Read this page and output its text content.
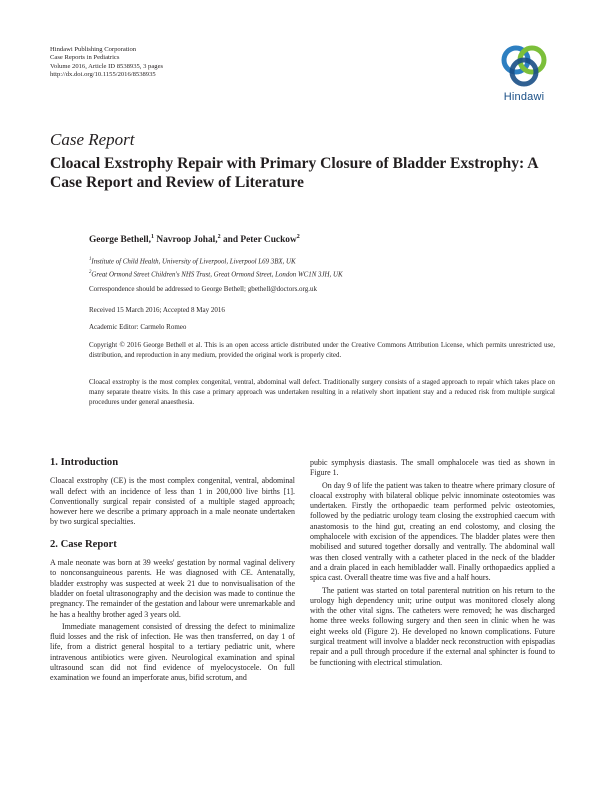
Hindawi Publishing Corporation
Case Reports in Pediatrics
Volume 2016, Article ID 8538935, 3 pages
http://dx.doi.org/10.1155/2016/8538935
Hindawi
Case Report
Cloacal Exstrophy Repair with Primary Closure of Bladder Exstrophy: A Case Report and Review of Literature
George Bethell,$^1$ Navroop Johal,$^2$ and Peter Cuckow$^2$
$^1$Institute of Child Health, University of Liverpool, Liverpool L69 3BX, UK
$^2$Great Ormond Street Children's NHS Trust, Great Ormond Street, London WC1N 3JH, UK
Correspondence should be addressed to George Bethell; gbethell@doctors.org.uk
Received 15 March 2016; Accepted 8 May 2016
Academic Editor: Carmelo Romeo
Copyright © 2016 George Bethell et al. This is an open access article distributed under the Creative Commons Attribution License, which permits unrestricted use, distribution, and reproduction in any medium, provided the original work is properly cited.
Cloacal exstrophy is the most complex congenital, ventral, abdominal wall defect. Traditionally surgery consists of a staged approach to repair which takes place on many separate theatre visits. In this case a primary approach was undertaken resulting in a relatively short inpatient stay and a reduced risk from multiple surgical procedures under general anaesthesia.
1. Introduction

Cloacal exstrophy (CE) is the most complex congenital, ventral, abdominal wall defect with an incidence of less than 1 in 200,000 live births [1]. Conventionally surgical repair consisted of a multiple staged approach; however here we describe a primary approach in a male neonate undertaken by two surgical specialties.

2. Case Report

A male neonate was born at 39 weeks' gestation by normal vaginal delivery to nonconsanguineous parents. He was diagnosed with CE. Antenatally, bladder exstrophy was suspected at week 21 due to nonvisualisation of the bladder on foetal ultrasonography and the decision was made to continue the pregnancy. The remainder of the gestation and labour were unremarkable and he has a healthy brother aged 3 years old.

Immediate management consisted of dressing the defect to minimalize fluid losses and the risk of infection. He was then transferred, on day 1 of life, from a district general hospital to a tertiary pediatric unit, where intravenous antibiotics were given. Neurological examination and spinal ultrasound scan did not find evidence of myelocystocele. On full examination we found an imperforate anus, bifid scrotum, and

pubic symphysis diastasis. The small omphalocele was tied as shown in Figure 1.

On day 9 of life the patient was taken to theatre where primary closure of cloacal exstrophy with bilateral oblique pelvic innominate osteotomies was undertaken. Firstly the orthopaedic team performed pelvic osteotomies, followed by the pediatric urology team closing the exstrophied caecum with anastomosis to the hind gut, creating an end colostomy, and closing the omphalocele with excision of the appendices. The bladder plates were then mobilised and sutured together dorsally and ventrally. The abdominal wall was then closed ventrally with a catheter placed in the neck of the bladder and a drain placed in each hemibladder wall. Finally orthopaedics applied a spica cast. Overall theatre time was five and a half hours.

The patient was started on total parenteral nutrition on his return to the urology high dependency unit; urine output was monitored closely along with the other vital signs. The catheters were removed; he was discharged home three weeks following surgery and then seen in clinic when he was eight weeks old (Figure 2). He developed no known complications. Future surgical treatment will involve a bladder neck reconstruction with epispadias repair and a pull through procedure if the external anal sphincter is found to be functioning with electrical stimulation.
